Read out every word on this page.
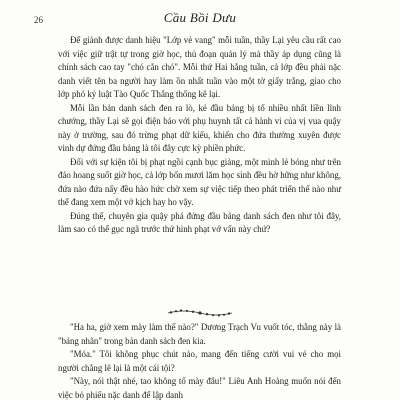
26	Cầu Bồi Dưu

Để giành được danh hiệu "Lớp vẻ vang" mỗi tuần, thầy Lại yêu cầu rất cao với việc giữ trật tự trong giờ học, thủ đoạn quản lý mà thầy áp dụng cũng là chính sách cao tay "chó cắn chó". Mỗi thứ Hai hằng tuần, cả lớp đều phải nặc danh viết tên ba người hay làm ồn nhất tuần vào một tờ giấy trắng, giao cho lớp phó kỷ luật Tào Quốc Thắng thống kê lại.

Mỗi lần bản danh sách đen ra lò, kẻ đầu bảng bị tố nhiều nhất liền lĩnh chướng, thầy Lại sẽ gọi điện báo với phụ huynh tất cả hành vi của vị vua quậy này ở trường, sau đó trừng phạt dữ kiếu, khiến cho đứa thường xuyên được vinh dự đứng đầu bảng là tôi đây cực kỳ phiền phức.

Đối với sự kiện tôi bị phạt ngồi cạnh bục giảng, một mình lẻ bóng như trên đảo hoang suốt giờ học, cả lớp bốn mươi lăm học sinh đều hờ hững như không, đứa nào đứa nấy đều hào hức chờ xem sự việc tiếp theo phát triển thế nào như thể đang xem một vở kịch hay ho vậy.

Đúng thế, chuyên gia quậy phá đứng đầu bảng danh sách đen như tôi đây, làm sao có thể gục ngã trước thứ hình phạt vớ vẩn này chứ?

"Ha ha, giờ xem mày làm thế nào?" Dương Trạch Vu vuốt tóc, thằng này là "bảng nhãn" trong bản danh sách đen kia.

"Móa." Tôi không phục chút nào, mang đến tiếng cười vui vẻ cho mọi người chẳng lẽ lại là một cái tội?

"Này, nói thật nhé, tao không tố mày đâu!" Liêu Anh Hoàng muốn nói đến việc bỏ phiếu nặc danh để lập danh
